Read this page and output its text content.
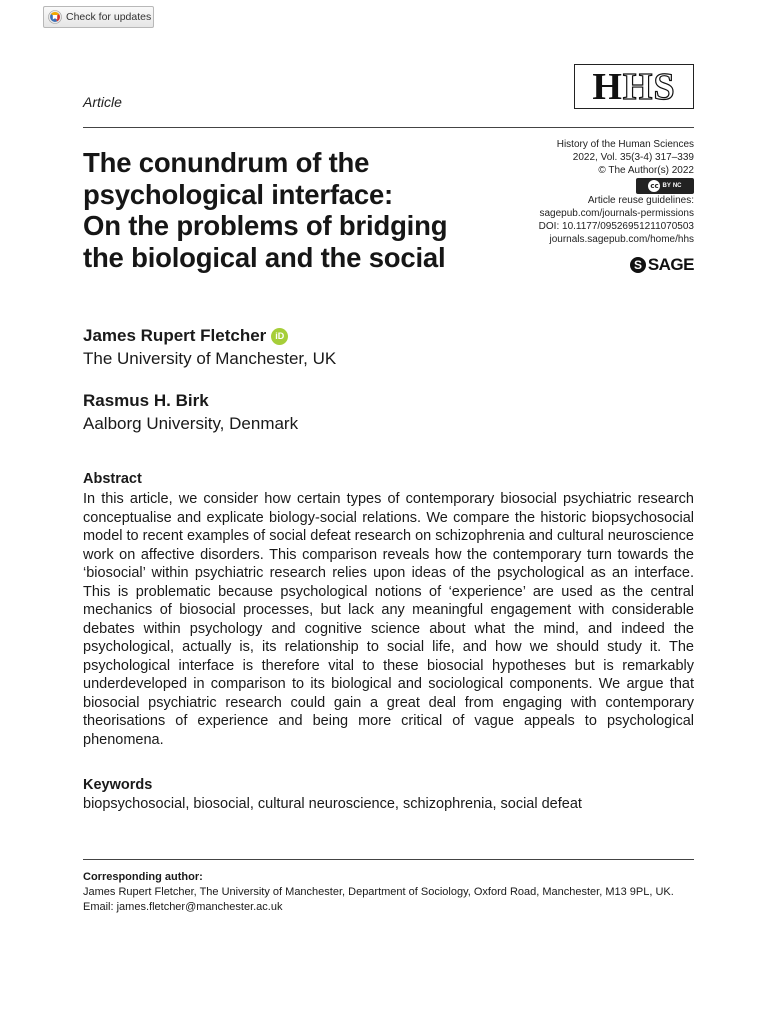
Check for updates
H HS
Article
History of the Human Sciences
2022, Vol. 35(3-4) 317–339
© The Author(s) 2022
cc BY NC
Article reuse guidelines:
sagepub.com/journals-permissions
DOI: 10.1177/09526951211070503
journals.sagepub.com/home/hhs
S SAGE
The conundrum of the
psychological interface:
On the problems of bridging
the biological and the social
James Rupert Fletcher	iD
The University of Manchester, UK
Rasmus H. Birk
Aalborg University, Denmark
Abstract

In this article, we consider how certain types of contemporary biosocial psychiatric research conceptualise and explicate biology-social relations. We compare the historic biopsychosocial model to recent examples of social defeat research on schizophrenia and cultural neuroscience work on affective disorders. This comparison reveals how the contemporary turn towards the ‘biosocial’ within psychiatric research relies upon ideas of the psychological as an interface. This is problematic because psychological notions of ‘experience’ are used as the central mechanics of biosocial processes, but lack any meaningful engagement with considerable debates within psychology and cognitive science about what the mind, and indeed the psychological, actually is, its relationship to social life, and how we should study it. The psychological interface is therefore vital to these biosocial hypotheses but is remarkably underdeveloped in comparison to its biological and sociological components. We argue that biosocial psychiatric research could gain a great deal from engaging with contemporary theorisations of experience and being more critical of vague appeals to psychological phenomena.

Keywords
biopsychosocial, biosocial, cultural neuroscience, schizophrenia, social defeat
Corresponding author:
James Rupert Fletcher, The University of Manchester, Department of Sociology, Oxford Road, Manchester, M13 9PL, UK.
Email: james.fletcher@manchester.ac.uk
